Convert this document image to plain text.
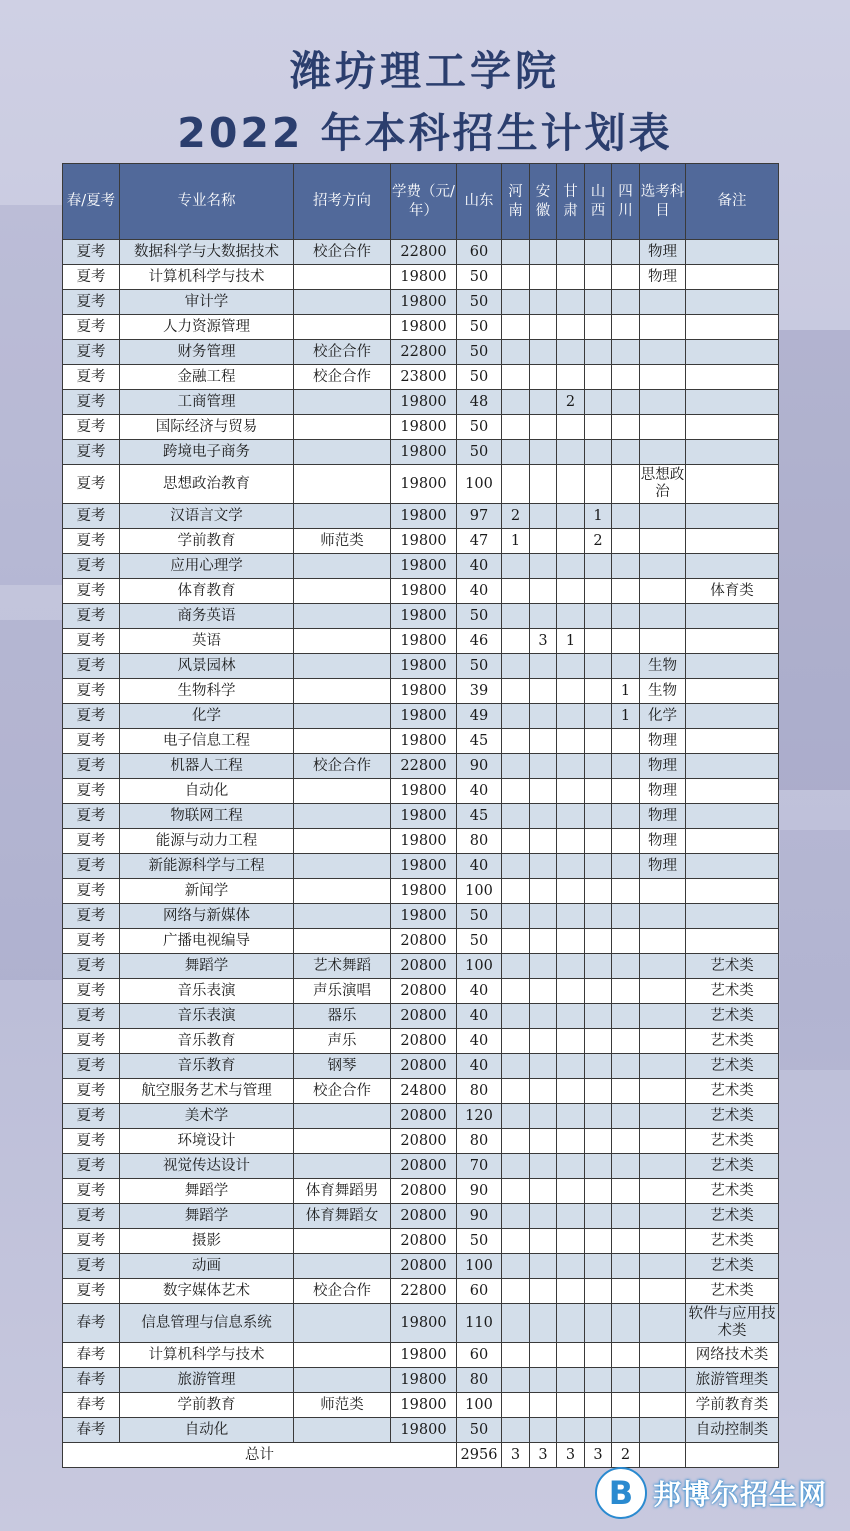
潍坊理工学院
2022 年本科招生计划表
春/夏考	专业名称	招考方向	学费（元/年）	山东	河南	安徽	甘肃	山西	四川	选考科目	备注
夏考	数据科学与大数据技术	校企合作	22800	60						物理	
夏考	计算机科学与技术		19800	50						物理	
夏考	审计学		19800	50							
夏考	人力资源管理		19800	50							
夏考	财务管理	校企合作	22800	50							
夏考	金融工程	校企合作	23800	50							
夏考	工商管理		19800	48			2				
夏考	国际经济与贸易		19800	50							
夏考	跨境电子商务		19800	50							
夏考	思想政治教育		19800	100						思想政治	
夏考	汉语言文学		19800	97	2			1			
夏考	学前教育	师范类	19800	47	1			2			
夏考	应用心理学		19800	40							
夏考	体育教育		19800	40							体育类
夏考	商务英语		19800	50							
夏考	英语		19800	46		3	1				
夏考	风景园林		19800	50						生物	
夏考	生物科学		19800	39					1	生物	
夏考	化学		19800	49					1	化学	
夏考	电子信息工程		19800	45						物理	
夏考	机器人工程	校企合作	22800	90						物理	
夏考	自动化		19800	40						物理	
夏考	物联网工程		19800	45						物理	
夏考	能源与动力工程		19800	80						物理	
夏考	新能源科学与工程		19800	40						物理	
夏考	新闻学		19800	100							
夏考	网络与新媒体		19800	50							
夏考	广播电视编导		20800	50							
夏考	舞蹈学	艺术舞蹈	20800	100							艺术类
夏考	音乐表演	声乐演唱	20800	40							艺术类
夏考	音乐表演	器乐	20800	40							艺术类
夏考	音乐教育	声乐	20800	40							艺术类
夏考	音乐教育	钢琴	20800	40							艺术类
夏考	航空服务艺术与管理	校企合作	24800	80							艺术类
夏考	美术学		20800	120							艺术类
夏考	环境设计		20800	80							艺术类
夏考	视觉传达设计		20800	70							艺术类
夏考	舞蹈学	体育舞蹈男	20800	90							艺术类
夏考	舞蹈学	体育舞蹈女	20800	90							艺术类
夏考	摄影		20800	50							艺术类
夏考	动画		20800	100							艺术类
夏考	数字媒体艺术	校企合作	22800	60							艺术类
春考	信息管理与信息系统		19800	110							软件与应用技术类
春考	计算机科学与技术		19800	60							网络技术类
春考	旅游管理		19800	80							旅游管理类
春考	学前教育	师范类	19800	100							学前教育类
春考	自动化		19800	50							自动控制类
总计				2956	3	3	3	3	2		
B 邦博尔招生网
